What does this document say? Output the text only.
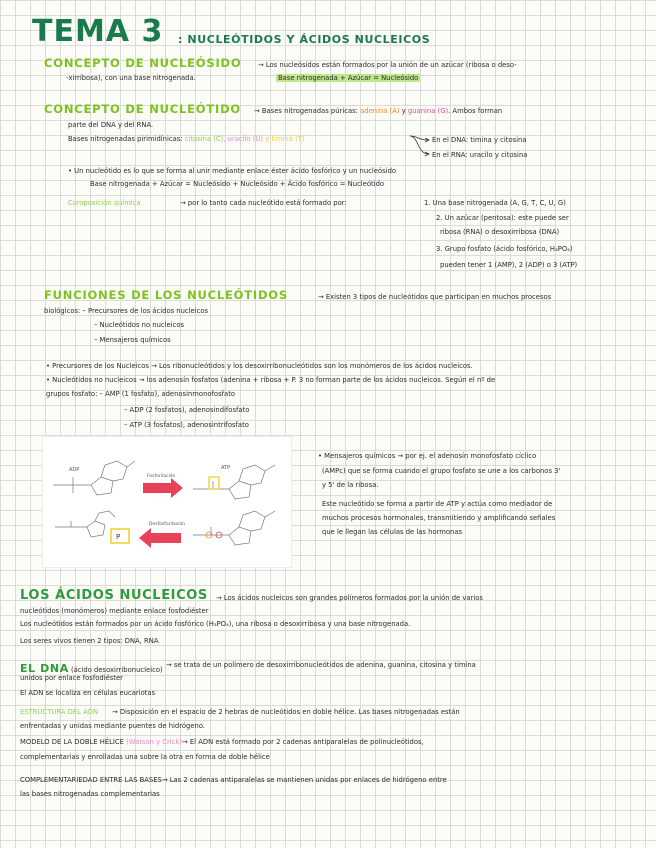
TEMA 3 : NUCLEÓTIDOS Y ÁCIDOS NUCLEICOS
CONCEPTO DE NUCLEÓSIDO → Los nucleósidos están formados por la unión de un azúcar (ribosa o deso-
-xirribosa), con una base nitrogenada.	Base nitrogenada + Azúcar = Nucleósido
CONCEPTO DE NUCLEÓTIDO → Bases nitrogenadas púricas: adenina (A) y guanina (G). Ambos forman
parte del DNA y del RNA.
Bases nitrogenadas pirimidínicas: citosina (C), uracilo (U) y timina (T)	En el DNA: timina y citosina
En el RNA: uracilo y citosina
• Un nucleótido es lo que se forma al unir mediante enlace éster ácido fosfórico y un nucleósido
Base nitrogenada + Azúcar = Nucleósido + Nucleósido + Ácido fosfórico = Nucleótido
Composición química	→ por lo tanto cada nucleótido está formado por:	1. Una base nitrogenada (A, G, T, C, U, G)
2. Un azúcar (pentosa): este puede ser
ribosa (RNA) o desoxirribosa (DNA)
3. Grupo fosfato (ácido fosfórico, H₃PO₄)
pueden tener 1 (AMP), 2 (ADP) o 3 (ATP)
FUNCIONES DE LOS NUCLEÓTIDOS	→ Existen 3 tipos de nucleótidos que participan en muchos procesos
biológicos: – Precursores de los ácidos nucleicos
– Nucleótidos no nucleicos
– Mensajeros químicos
• Precursores de los Nucleicos → Los ribonucleótidos y los desoxirribonucleótidos son los monómeros de los ácidos nucleicos.
• Nucleótidos no nucleicos → los adenosín fosfatos (adenina + ribosa + P. 3 no forman parte de los ácidos nucleicos. Según el nº de
grupos fosfato: – AMP (1 fosfato), adenosinmonofosfato
– ADP (2 fosfatos), adenosindifosfato
– ATP (3 fosfatos), adenosintrifosfato
ADP
Fosforilación
ATP
P
Desfosforilación
• Mensajeros químicos → por ej. el adenosín monofosfato cíclico
(AMPc) que se forma cuando el grupo fosfato se une a los carbonos 3'
y 5' de la ribosa.
Este nucleótido se forma a partir de ATP y actúa como mediador de
muchos procesos hormonales, transmitiendo y amplificando señales
que le llegan las células de las hormonas
LOS ÁCIDOS NUCLEICOS → Los ácidos nucleicos son grandes polímeros formados por la unión de varios
nucleótidos (monómeros) mediante enlace fosfodiéster
Los nucleótidos están formados por un ácido fosfórico (H₃PO₄), una ribosa o desoxirribosa y una base nitrogenada.
Los seres vivos tienen 2 tipos: DNA, RNA
EL DNA (ácido desoxirribonucleico)
→ se trata de un polímero de desoxirribonucleótidos de adenina, guanina, citosina y timina
unidos por enlace fosfodiéster
El ADN se localiza en células eucariotas
ESTRUCTURA DEL ADN → Disposición en el espacio de 2 hebras de nucleótidos en doble hélice. Las bases nitrogenadas están
enfrentadas y unidas mediante puentes de hidrógeno.
MODELO DE LA DOBLE HÉLICE (Watson y Crick)→ El ADN está formado por 2 cadenas antiparalelas de polinucleótidos,
complementarias y enrolladas una sobre la otra en forma de doble hélice
COMPLEMENTARIEDAD ENTRE LAS BASES→ Las 2 cadenas antiparalelas se mantienen unidas por enlaces de hidrógeno entre
las bases nitrogenadas complementarias
